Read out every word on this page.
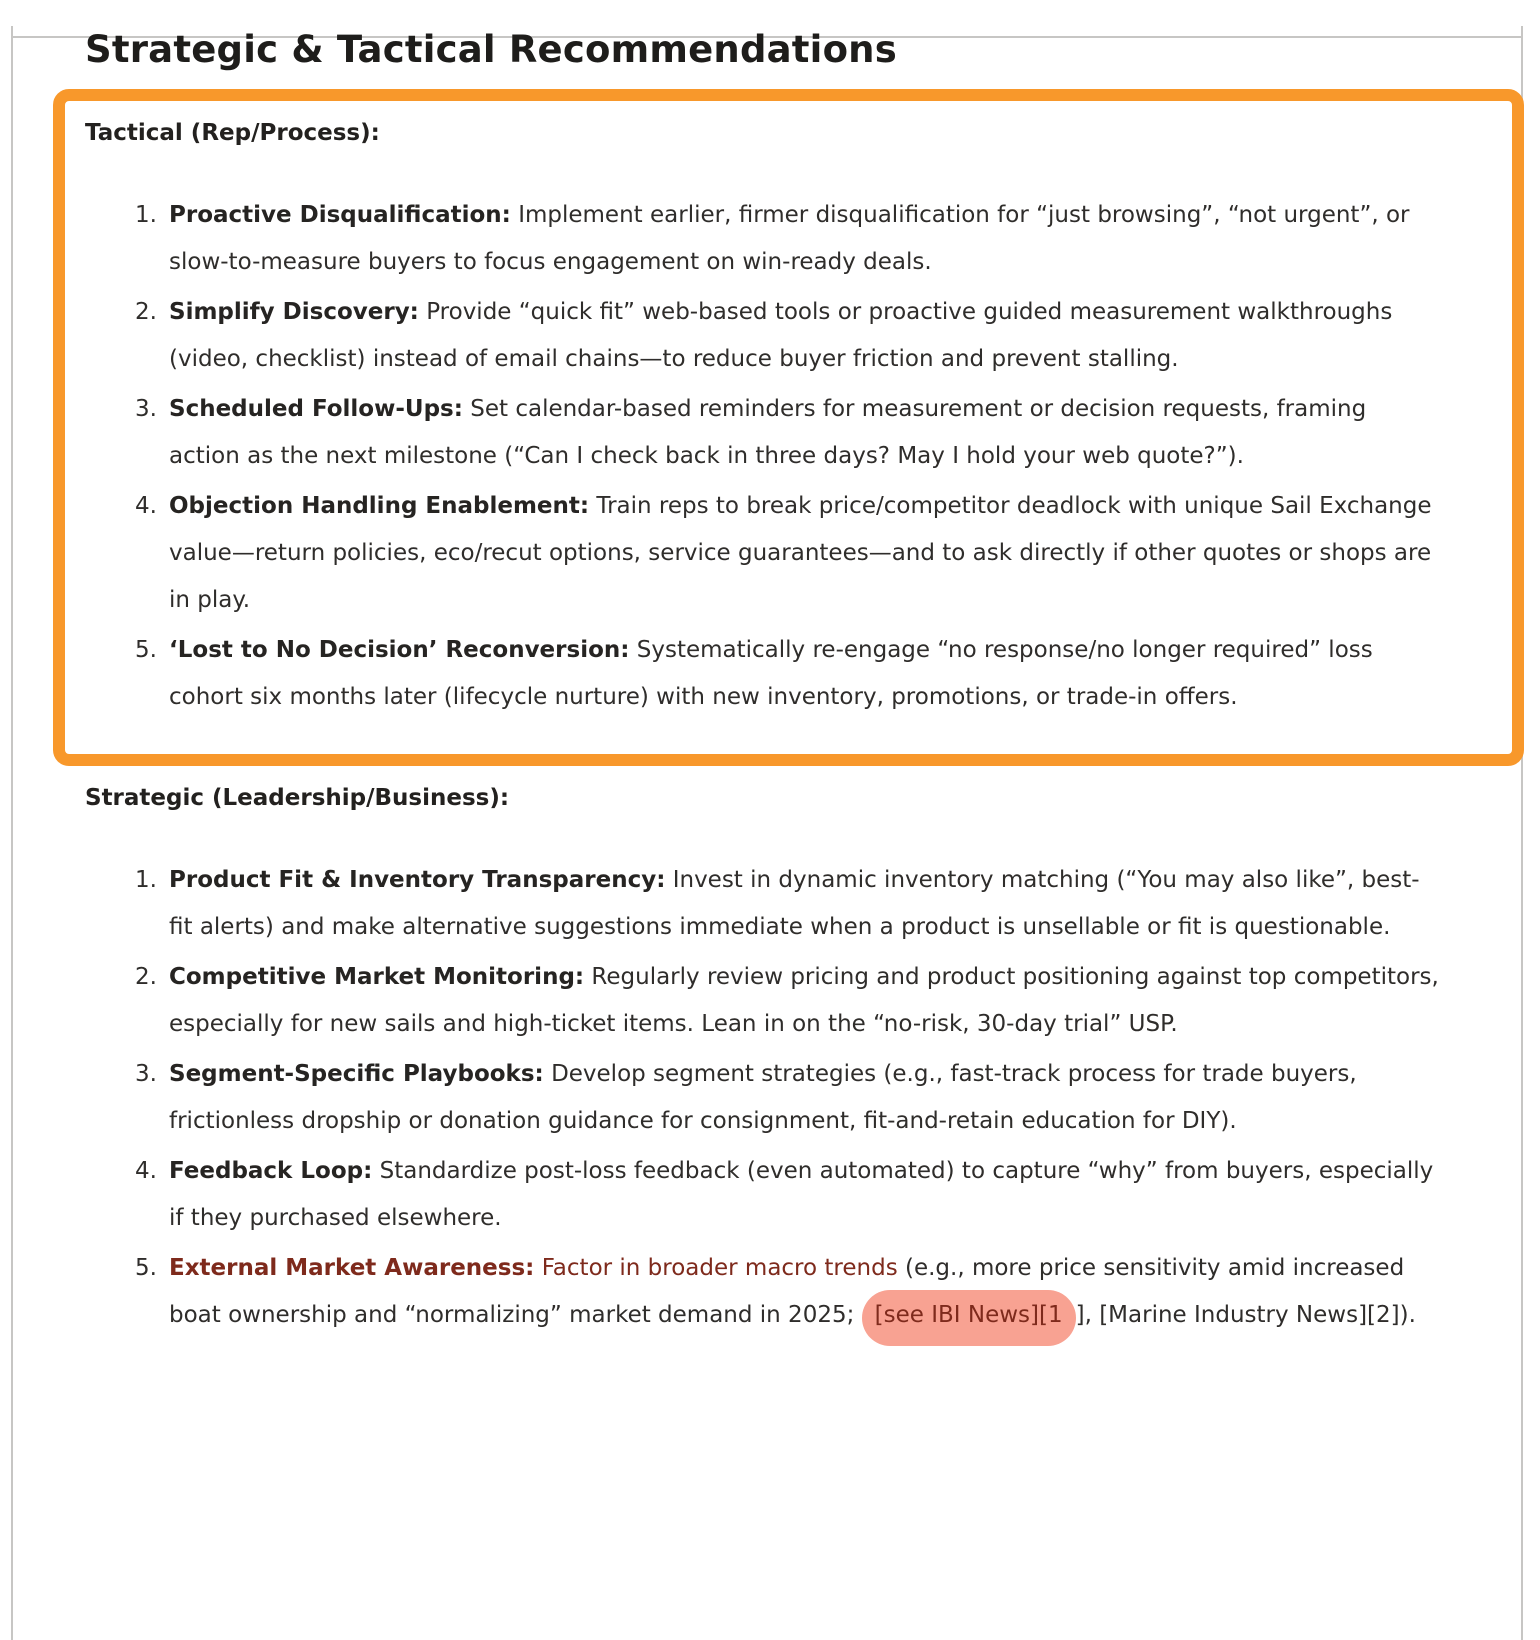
Strategic & Tactical Recommendations
Tactical (Rep/Process):
1. Proactive Disqualification: Implement earlier, firmer disqualification for “just browsing”, “not urgent”, or slow-to-measure buyers to focus engagement on win-ready deals.
2. Simplify Discovery: Provide “quick fit” web-based tools or proactive guided measurement walkthroughs (video, checklist) instead of email chains—to reduce buyer friction and prevent stalling.
3. Scheduled Follow-Ups: Set calendar-based reminders for measurement or decision requests, framing action as the next milestone (“Can I check back in three days? May I hold your web quote?”).
4. Objection Handling Enablement: Train reps to break price/competitor deadlock with unique Sail Exchange value—return policies, eco/recut options, service guarantees—and to ask directly if other quotes or shops are in play.
5. ‘Lost to No Decision’ Reconversion: Systematically re-engage “no response/no longer required” loss cohort six months later (lifecycle nurture) with new inventory, promotions, or trade-in offers.
Strategic (Leadership/Business):
1. Product Fit & Inventory Transparency: Invest in dynamic inventory matching (“You may also like”, best-fit alerts) and make alternative suggestions immediate when a product is unsellable or fit is questionable.
2. Competitive Market Monitoring: Regularly review pricing and product positioning against top competitors, especially for new sails and high-ticket items. Lean in on the “no-risk, 30-day trial” USP.
3. Segment-Specific Playbooks: Develop segment strategies (e.g., fast-track process for trade buyers, frictionless dropship or donation guidance for consignment, fit-and-retain education for DIY).
4. Feedback Loop: Standardize post-loss feedback (even automated) to capture “why” from buyers, especially if they purchased elsewhere.
5. External Market Awareness: Factor in broader macro trends (e.g., more price sensitivity amid increased boat ownership and “normalizing” market demand in 2025; [see IBI News][1 ], [Marine Industry News][2]).
